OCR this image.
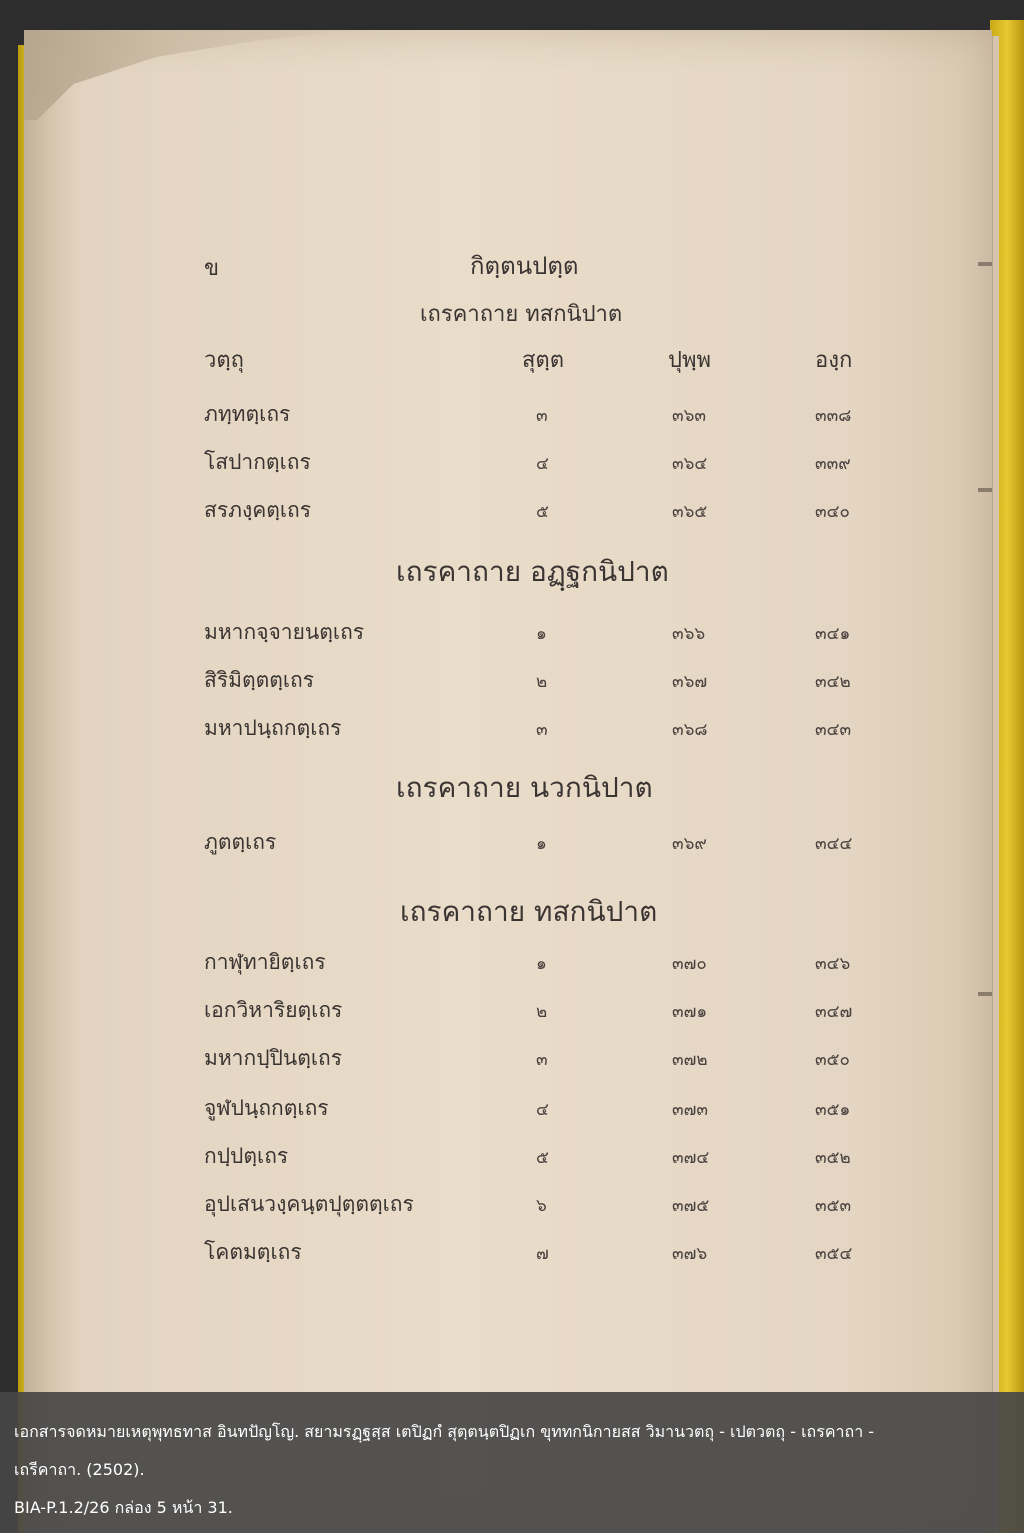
ข	กิตฺตนปตฺต
เถรคาถาย ทสกนิปาต
วตฺถุ	สุตฺต	ปุพฺพ	องฺก
ภทฺทตฺเถร	๓	๓๖๓	๓๓๘
โสปากตฺเถร	๔	๓๖๔	๓๓๙
สรภงฺคตฺเถร	๕	๓๖๕	๓๔๐
เถรคาถาย อฏฺฐกนิปาต
มหากจฺจายนตฺเถร	๑	๓๖๖	๓๔๑
สิริมิตฺตตฺเถร	๒	๓๖๗	๓๔๒
มหาปนฺถกตฺเถร	๓	๓๖๘	๓๔๓
เถรคาถาย นวกนิปาต
ภูตตฺเถร	๑	๓๖๙	๓๔๔
เถรคาถาย ทสกนิปาต
กาฬุทายิตฺเถร	๑	๓๗๐	๓๔๖
เอกวิหาริยตฺเถร	๒	๓๗๑	๓๔๗
มหากปฺปินตฺเถร	๓	๓๗๒	๓๕๐
จูฬปนฺถกตฺเถร	๔	๓๗๓	๓๕๑
กปฺปตฺเถร	๕	๓๗๔	๓๕๒
อุปเสนวงฺคนฺตปุตฺตตฺเถร	๖	๓๗๕	๓๕๓
โคตมตฺเถร	๗	๓๗๖	๓๕๔
เอกสารจดหมายเหตุพุทธทาส อินทปัญโญ. สยามรฏฺฐสฺส เตปิฏกํ สุตฺตนฺตปิฏเก ขุททกนิกายสส วิมานวตถุ - เปตวตถุ - เถรคาถา -
เถรีคาถา. (2502).
BIA-P.1.2/26 กล่อง 5 หน้า 31.
